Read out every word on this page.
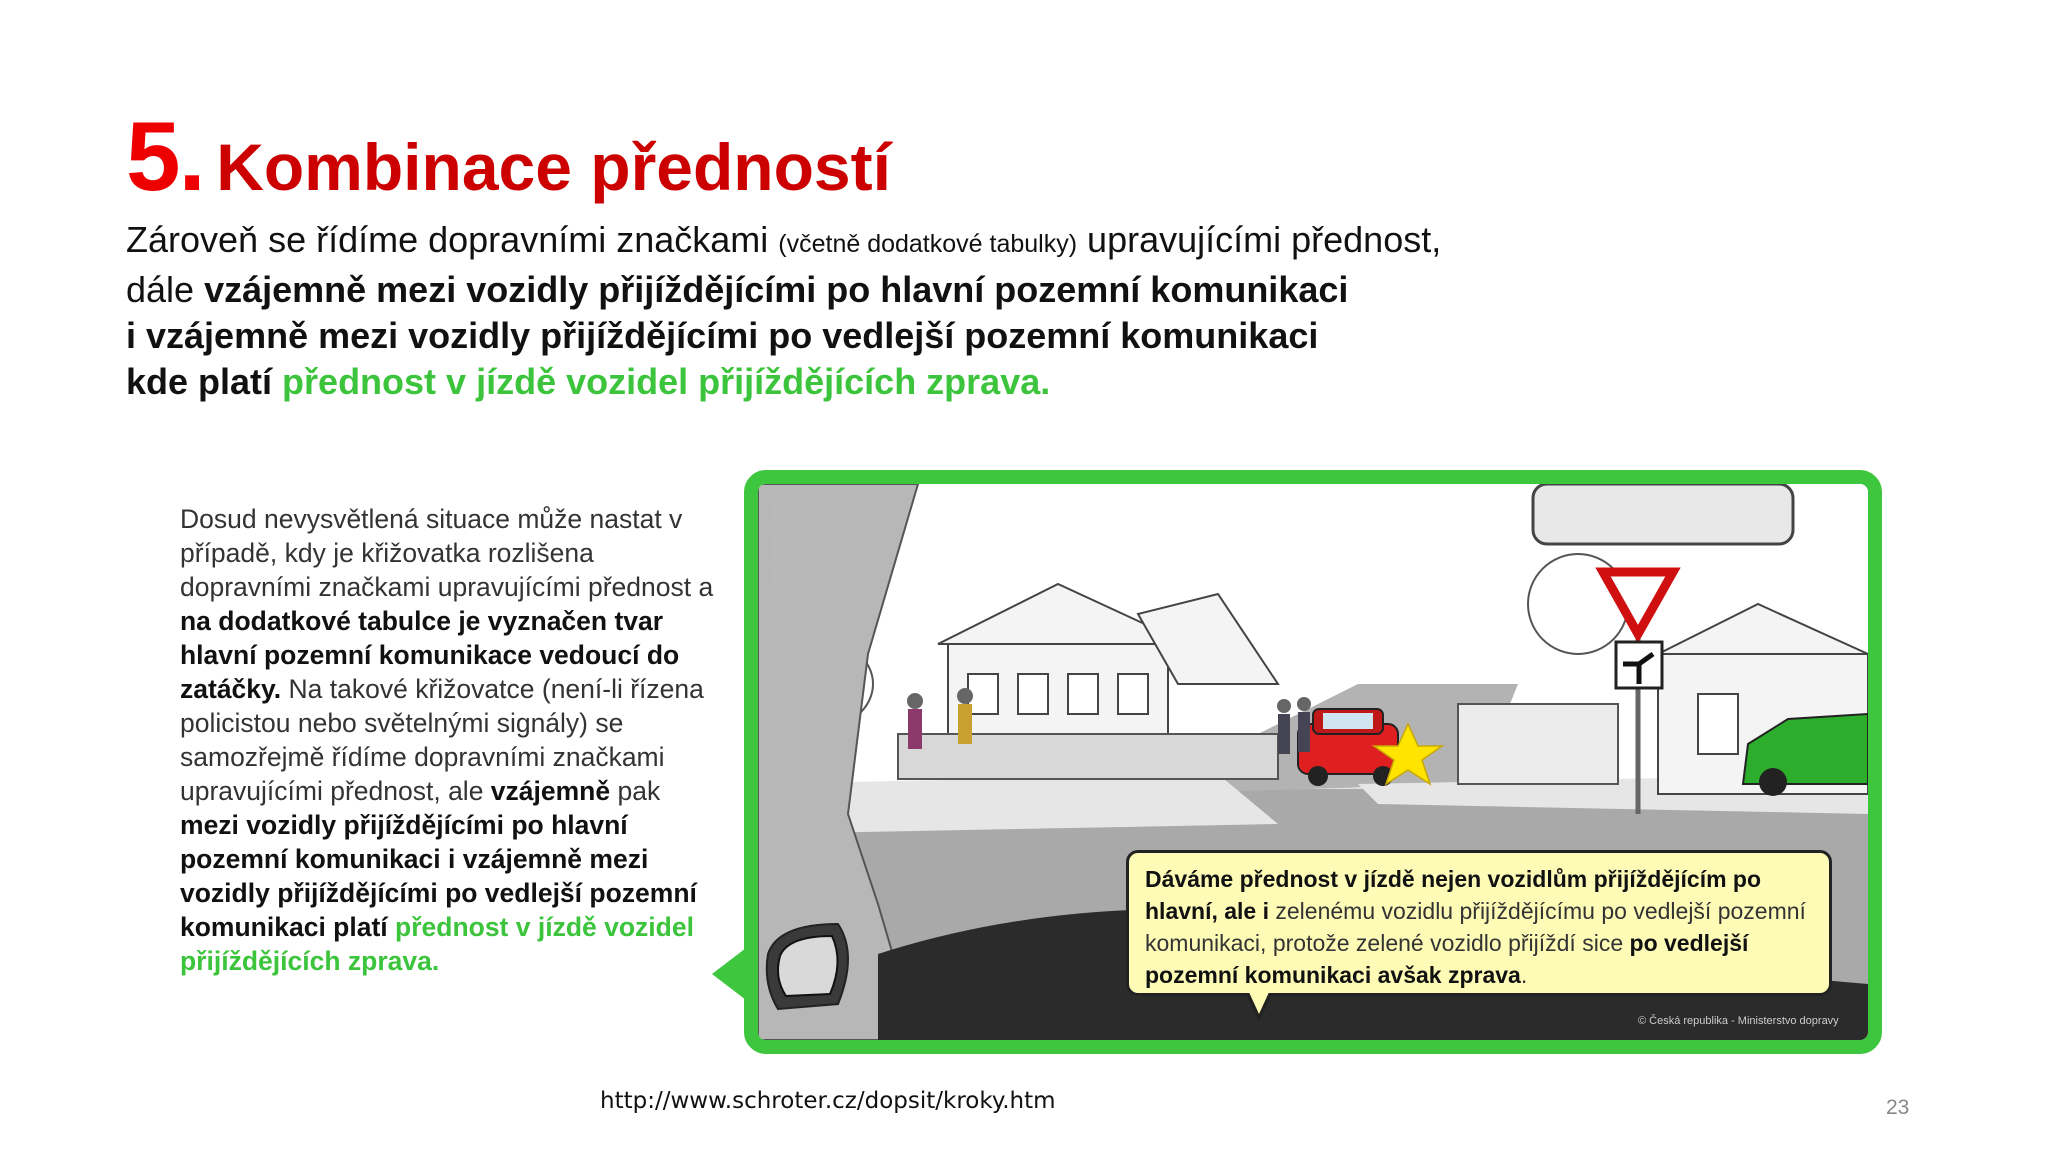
5. Kombinace předností
Zároveň se řídíme dopravními značkami (včetně dodatkové tabulky) upravujícími přednost,
dále vzájemně mezi vozidly přijíždějícími po hlavní pozemní komunikaci
i vzájemně mezi vozidly přijíždějícími po vedlejší pozemní komunikaci
kde platí přednost v jízdě vozidel přijíždějících zprava.
Dosud nevysvětlená situace může nastat v případě, kdy je křižovatka rozlišena dopravními značkami upravujícími přednost a na dodatkové tabulce je vyznačen tvar hlavní pozemní komunikace vedoucí do zatáčky. Na takové křižovatce (není-li řízena policistou nebo světelnými signály) se samozřejmě řídíme dopravními značkami upravujícími přednost, ale vzájemně pak mezi vozidly přijíždějícími po hlavní pozemní komunikaci i vzájemně mezi vozidly přijíždějícími po vedlejší pozemní komunikaci platí přednost v jízdě vozidel přijíždějících zprava.
© Česká republika - Ministerstvo dopravy
Použity: Copyright 2008
Dáváme přednost v jízdě nejen vozidlům přijíždějícím po hlavní, ale i zelenému vozidlu přijíždějícímu po vedlejší pozemní komunikaci, protože zelené vozidlo přijíždí sice po vedlejší pozemní komunikaci avšak zprava.
http://www.schroter.cz/dopsit/kroky.htm	23
